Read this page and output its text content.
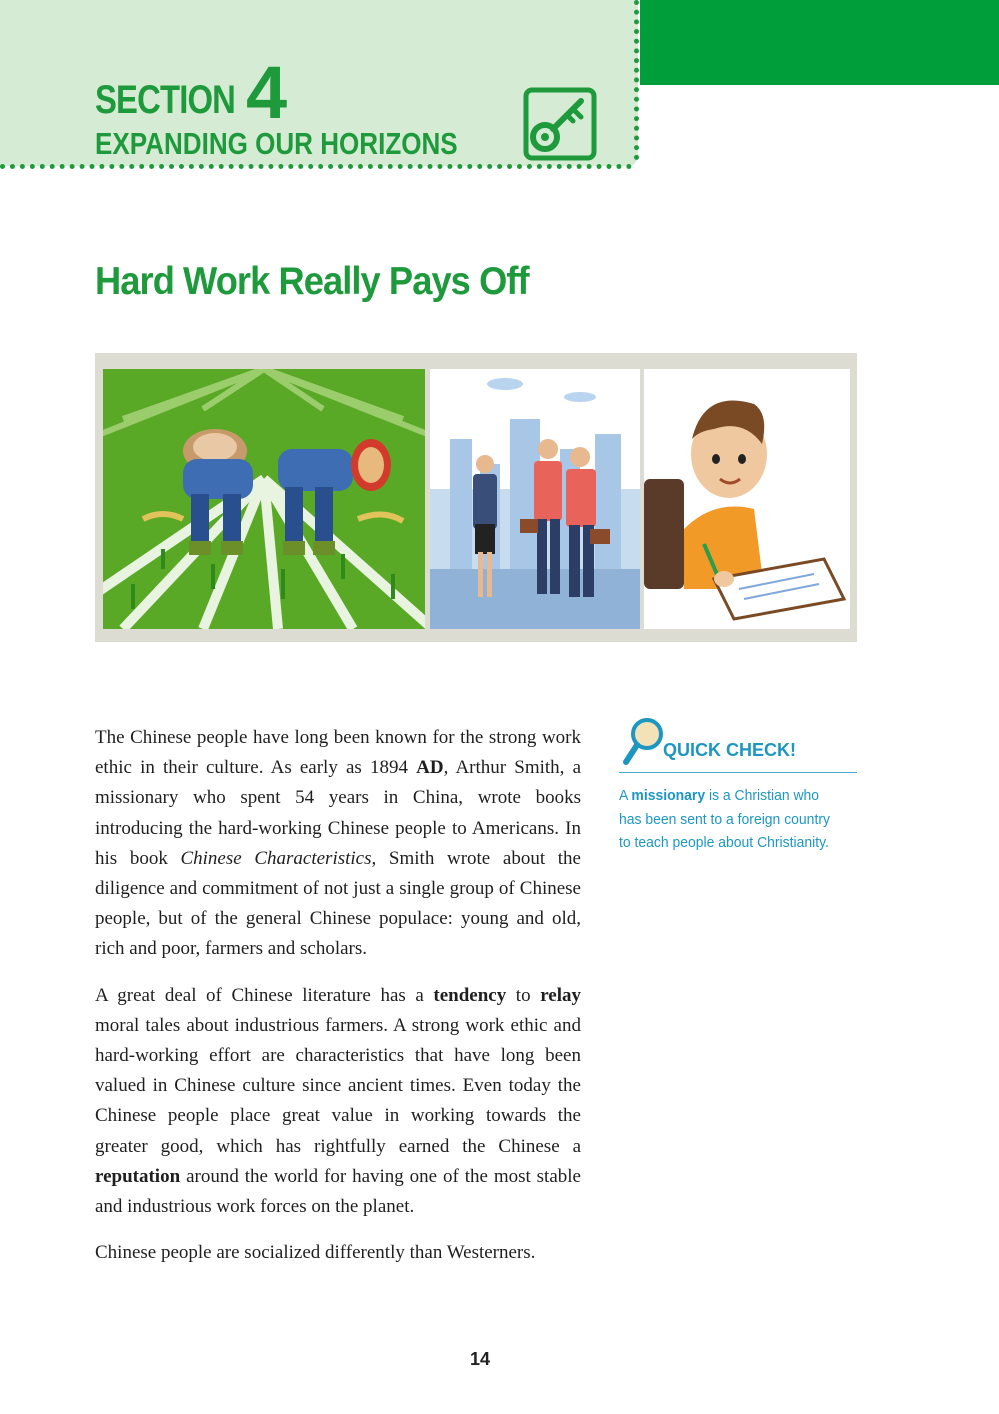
SECTION 4
EXPANDING OUR HORIZONS
Hard Work Really Pays Off

The Chinese people have long been known for the strong work ethic in their culture. As early as 1894 AD, Arthur Smith, a missionary who spent 54 years in China, wrote books introducing the hard-working Chinese people to Americans. In his book Chinese Characteristics, Smith wrote about the diligence and commitment of not just a single group of Chinese people, but of the general Chinese populace: young and old, rich and poor, farmers and scholars.

A great deal of Chinese literature has a tendency to relay moral tales about industrious farmers. A strong work ethic and hard-working effort are characteristics that have long been valued in Chinese culture since ancient times. Even today the Chinese people place great value in working towards the greater good, which has rightfully earned the Chinese a reputation around the world for having one of the most stable and industrious work forces on the planet.

Chinese people are socialized differently than Westerners.

QUICK CHECK!
A missionary is a Christian who has been sent to a foreign country to teach people about Christianity.
14
